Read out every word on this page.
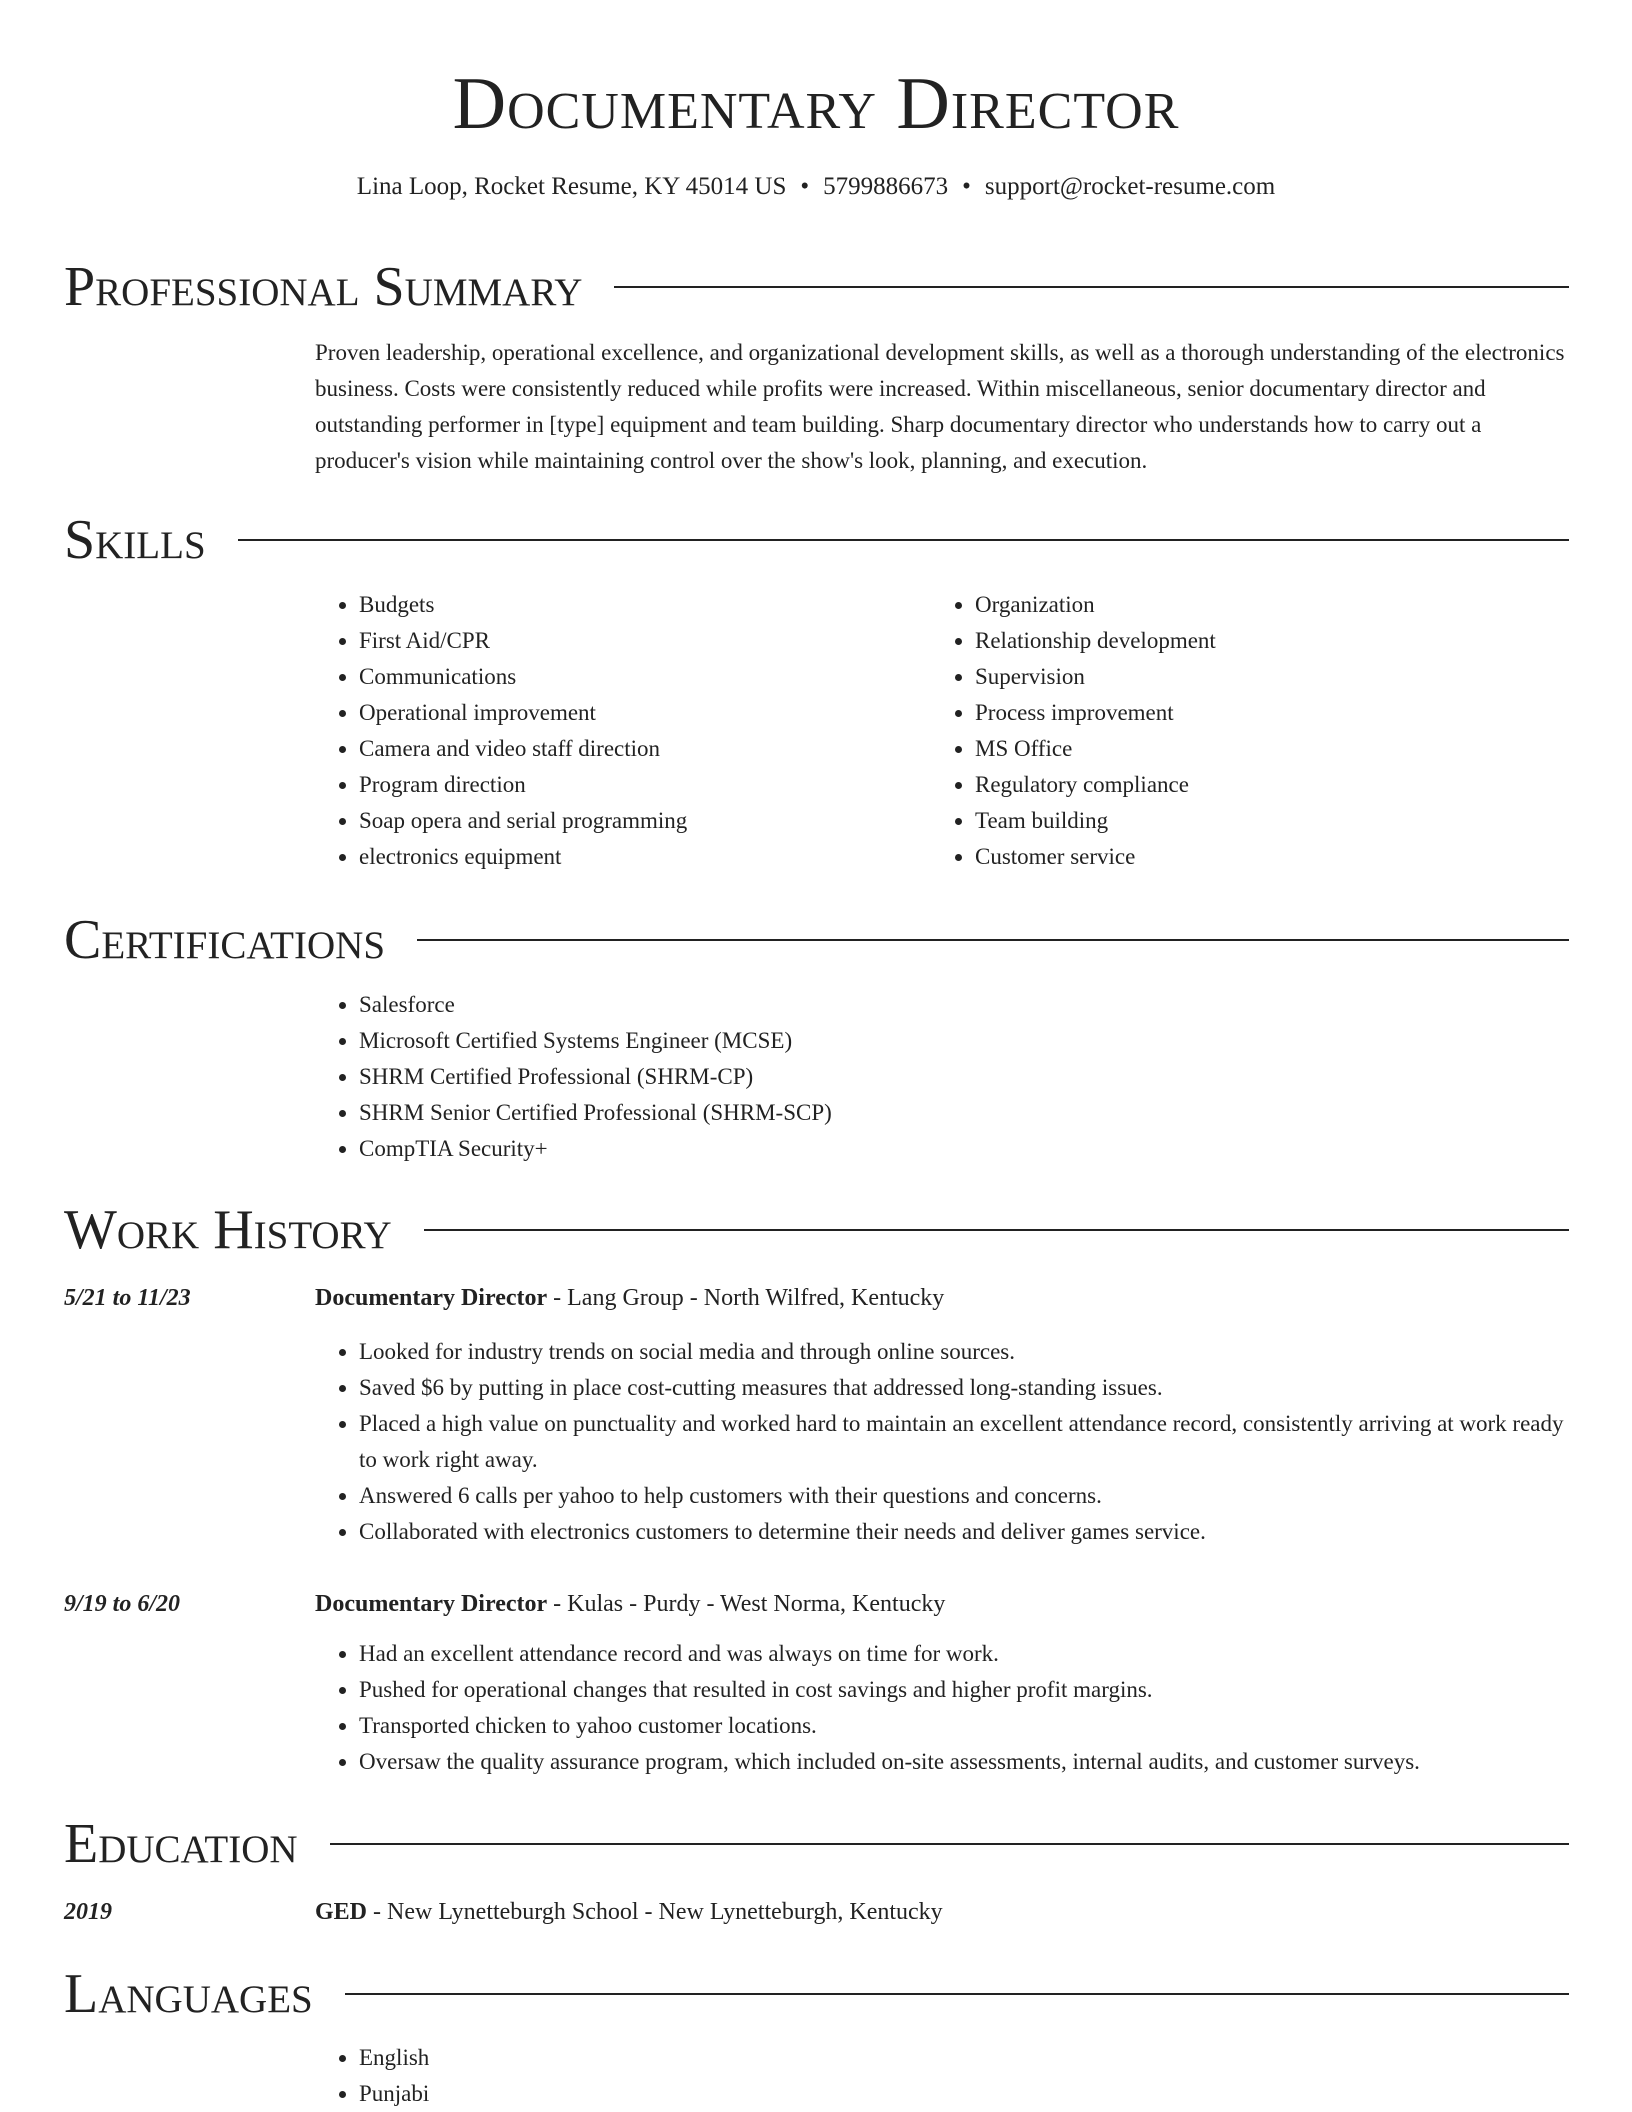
Documentary Director
Lina Loop, Rocket Resume, KY 45014 US • 5799886673 • support@rocket-resume.com
Professional Summary
Proven leadership, operational excellence, and organizational development skills, as well as a thorough understanding of the electronics business. Costs were consistently reduced while profits were increased. Within miscellaneous, senior documentary director and outstanding performer in [type] equipment and team building. Sharp documentary director who understands how to carry out a producer's vision while maintaining control over the show's look, planning, and execution.
Skills
• Budgets
• First Aid/CPR
• Communications
• Operational improvement
• Camera and video staff direction
• Program direction
• Soap opera and serial programming
• electronics equipment
• Organization
• Relationship development
• Supervision
• Process improvement
• MS Office
• Regulatory compliance
• Team building
• Customer service
Certifications
• Salesforce
• Microsoft Certified Systems Engineer (MCSE)
• SHRM Certified Professional (SHRM-CP)
• SHRM Senior Certified Professional (SHRM-SCP)
• CompTIA Security+
Work History
5/21 to 11/23	Documentary Director - Lang Group - North Wilfred, Kentucky
• Looked for industry trends on social media and through online sources.
• Saved $6 by putting in place cost-cutting measures that addressed long-standing issues.
• Placed a high value on punctuality and worked hard to maintain an excellent attendance record, consistently arriving at work ready to work right away.
• Answered 6 calls per yahoo to help customers with their questions and concerns.
• Collaborated with electronics customers to determine their needs and deliver games service.
9/19 to 6/20	Documentary Director - Kulas - Purdy - West Norma, Kentucky
• Had an excellent attendance record and was always on time for work.
• Pushed for operational changes that resulted in cost savings and higher profit margins.
• Transported chicken to yahoo customer locations.
• Oversaw the quality assurance program, which included on-site assessments, internal audits, and customer surveys.
Education
2019	GED - New Lynetteburgh School - New Lynetteburgh, Kentucky
Languages
• English
• Punjabi
